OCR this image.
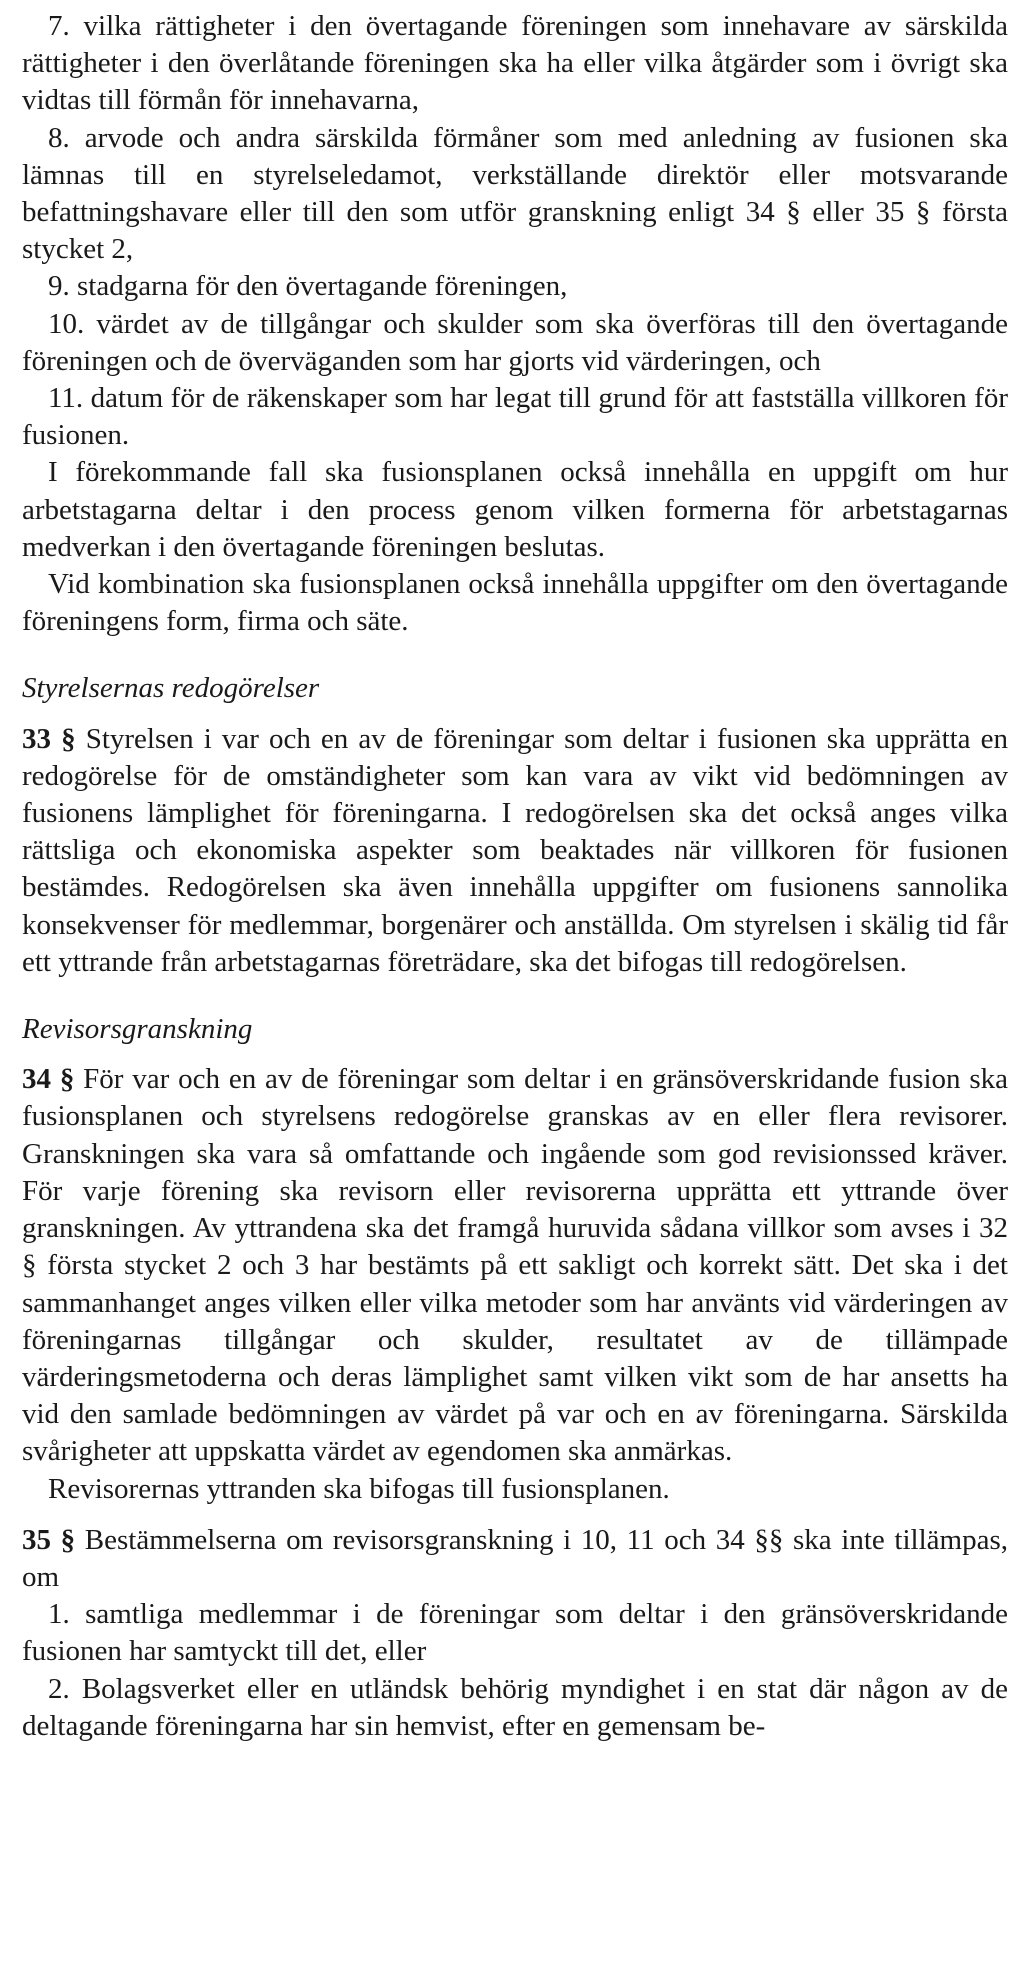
7. vilka rättigheter i den övertagande föreningen som innehavare av särskilda rättigheter i den överlåtande föreningen ska ha eller vilka åtgärder som i övrigt ska vidtas till förmån för innehavarna,

8. arvode och andra särskilda förmåner som med anledning av fusionen ska lämnas till en styrelseledamot, verkställande direktör eller motsvarande befattningshavare eller till den som utför granskning enligt 34 § eller 35 § första stycket 2,

9. stadgarna för den övertagande föreningen,

10. värdet av de tillgångar och skulder som ska överföras till den övertagande föreningen och de överväganden som har gjorts vid värderingen, och

11. datum för de räkenskaper som har legat till grund för att fastställa villkoren för fusionen.

I förekommande fall ska fusionsplanen också innehålla en uppgift om hur arbetstagarna deltar i den process genom vilken formerna för arbetstagarnas medverkan i den övertagande föreningen beslutas.

Vid kombination ska fusionsplanen också innehålla uppgifter om den övertagande föreningens form, firma och säte.

Styrelsernas redogörelser

33 § Styrelsen i var och en av de föreningar som deltar i fusionen ska upprätta en redogörelse för de omständigheter som kan vara av vikt vid bedömningen av fusionens lämplighet för föreningarna. I redogörelsen ska det också anges vilka rättsliga och ekonomiska aspekter som beaktades när villkoren för fusionen bestämdes. Redogörelsen ska även innehålla uppgifter om fusionens sannolika konsekvenser för medlemmar, borgenärer och anställda. Om styrelsen i skälig tid får ett yttrande från arbetstagarnas företrädare, ska det bifogas till redogörelsen.

Revisorsgranskning

34 § För var och en av de föreningar som deltar i en gränsöverskridande fusion ska fusionsplanen och styrelsens redogörelse granskas av en eller flera revisorer. Granskningen ska vara så omfattande och ingående som god revisionssed kräver. För varje förening ska revisorn eller revisorerna upprätta ett yttrande över granskningen. Av yttrandena ska det framgå huruvida sådana villkor som avses i 32 § första stycket 2 och 3 har bestämts på ett sakligt och korrekt sätt. Det ska i det sammanhanget anges vilken eller vilka metoder som har använts vid värderingen av föreningarnas tillgångar och skulder, resultatet av de tillämpade värderingsmetoderna och deras lämplighet samt vilken vikt som de har ansetts ha vid den samlade bedömningen av värdet på var och en av föreningarna. Särskilda svårigheter att uppskatta värdet av egendomen ska anmärkas.

Revisorernas yttranden ska bifogas till fusionsplanen.

35 § Bestämmelserna om revisorsgranskning i 10, 11 och 34 §§ ska inte tillämpas, om

1. samtliga medlemmar i de föreningar som deltar i den gränsöverskridande fusionen har samtyckt till det, eller

2. Bolagsverket eller en utländsk behörig myndighet i en stat där någon av de deltagande föreningarna har sin hemvist, efter en gemensam be-
